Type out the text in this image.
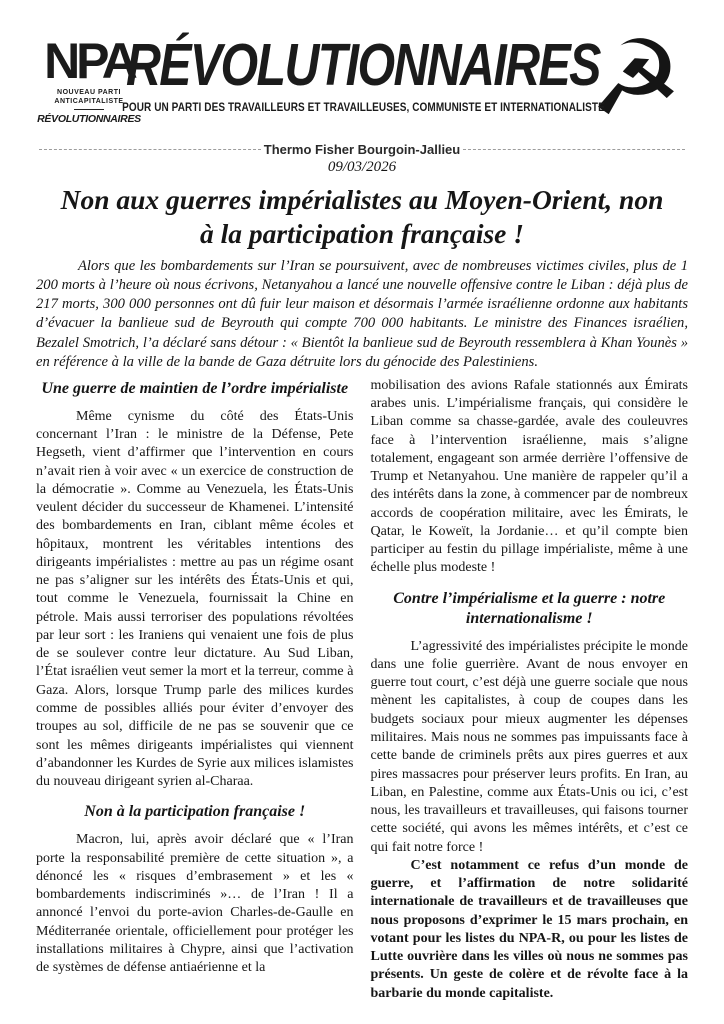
NPA
NOUVEAU PARTI
ANTICAPITALISTE
RÉVOLUTIONNAIRES
RÉVOLUTIONNAIRES
POUR UN PARTI DES TRAVAILLEURS ET TRAVAILLEUSES, COMMUNISTE ET INTERNATIONALISTE
☭
Thermo Fisher Bourgoin-Jallieu
09/03/2026
Non aux guerres impérialistes au Moyen-Orient, non à la participation française !

Alors que les bombardements sur l’Iran se poursuivent, avec de nombreuses victimes civiles, plus de 1 200 morts à l’heure où nous écrivons, Netanyahou a lancé une nouvelle offensive contre le Liban : déjà plus de 217 morts, 300 000 personnes ont dû fuir leur maison et désormais l’armée israélienne ordonne aux habitants d’évacuer la banlieue sud de Beyrouth qui compte 700 000 habitants. Le ministre des Finances israélien, Bezalel Smotrich, l’a déclaré sans détour : « Bientôt la banlieue sud de Beyrouth ressemblera à Khan Younès » en référence à la ville de la bande de Gaza détruite lors du génocide des Palestiniens.

Une guerre de maintien de l’ordre impérialiste

Même cynisme du côté des États-Unis concernant l’Iran : le ministre de la Défense, Pete Hegseth, vient d’affirmer que l’intervention en cours n’avait rien à voir avec « un exercice de construction de la démocratie ». Comme au Venezuela, les États-Unis veulent décider du successeur de Khamenei. L’intensité des bombardements en Iran, ciblant même écoles et hôpitaux, montrent les véritables intentions des dirigeants impérialistes : mettre au pas un régime osant ne pas s’aligner sur les intérêts des États-Unis et qui, tout comme le Venezuela, fournissait la Chine en pétrole. Mais aussi terroriser des populations révoltées par leur sort : les Iraniens qui venaient une fois de plus de se soulever contre leur dictature. Au Sud Liban, l’État israélien veut semer la mort et la terreur, comme à Gaza. Alors, lorsque Trump parle des milices kurdes comme de possibles alliés pour éviter d’envoyer des troupes au sol, difficile de ne pas se souvenir que ce sont les mêmes dirigeants impérialistes qui viennent d’abandonner les Kurdes de Syrie aux milices islamistes du nouveau dirigeant syrien al-Charaa.

Non à la participation française !

Macron, lui, après avoir déclaré que « l’Iran porte la responsabilité première de cette situation », a dénoncé les « risques d’embrasement » et les « bombardements indiscriminés »… de l’Iran ! Il a annoncé l’envoi du porte-avion Charles-de-Gaulle en Méditerranée orientale, officiellement pour protéger les installations militaires à Chypre, ainsi que l’activation de systèmes de défense antiaérienne et la

mobilisation des avions Rafale stationnés aux Émirats arabes unis. L’impérialisme français, qui considère le Liban comme sa chasse-gardée, avale des couleuvres face à l’intervention israélienne, mais s’aligne totalement, engageant son armée derrière l’offensive de Trump et Netanyahou. Une manière de rappeler qu’il a des intérêts dans la zone, à commencer par de nombreux accords de coopération militaire, avec les Émirats, le Qatar, le Koweït, la Jordanie… et qu’il compte bien participer au festin du pillage impérialiste, même à une échelle plus modeste !

Contre l’impérialisme et la guerre : notre internationalisme !

L’agressivité des impérialistes précipite le monde dans une folie guerrière. Avant de nous envoyer en guerre tout court, c’est déjà une guerre sociale que nous mènent les capitalistes, à coup de coupes dans les budgets sociaux pour mieux augmenter les dépenses militaires. Mais nous ne sommes pas impuissants face à cette bande de criminels prêts aux pires guerres et aux pires massacres pour préserver leurs profits. En Iran, au Liban, en Palestine, comme aux États-Unis ou ici, c’est nous, les travailleurs et travailleuses, qui faisons tourner cette société, qui avons les mêmes intérêts, et c’est ce qui fait notre force !

C’est notamment ce refus d’un monde de guerre, et l’affirmation de notre solidarité internationale de travailleurs et de travailleuses que nous proposons d’exprimer le 15 mars prochain, en votant pour les listes du NPA-R, ou pour les listes de Lutte ouvrière dans les villes où nous ne sommes pas présents. Un geste de colère et de révolte face à la barbarie du monde capitaliste.
